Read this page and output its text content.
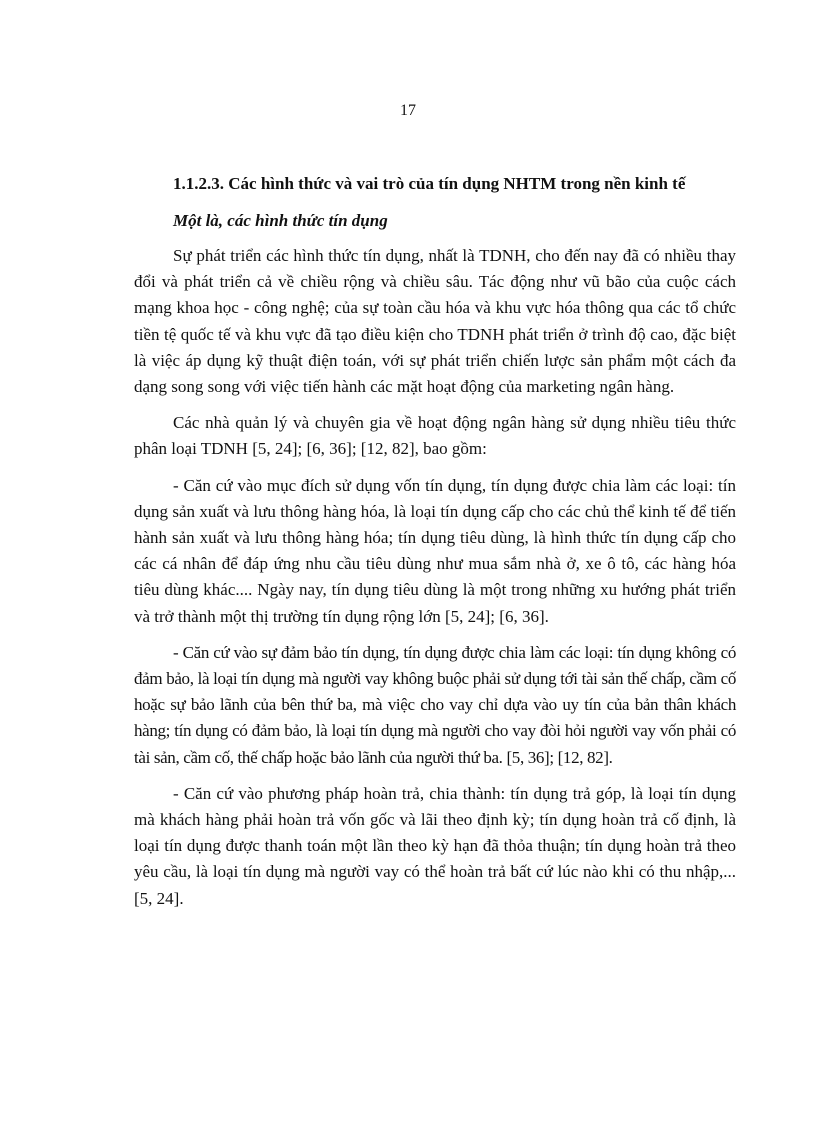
17
1.1.2.3. Các hình thức và vai trò của tín dụng NHTM trong nền kinh tế
Một là, các hình thức tín dụng

Sự phát triển các hình thức tín dụng, nhất là TDNH, cho đến nay đã có nhiều thay đổi và phát triển cả về chiều rộng và chiều sâu. Tác động như vũ bão của cuộc cách mạng khoa học - công nghệ; của sự toàn cầu hóa và khu vực hóa thông qua các tổ chức tiền tệ quốc tế và khu vực đã tạo điều kiện cho TDNH phát triển ở trình độ cao, đặc biệt là việc áp dụng kỹ thuật điện toán, với sự phát triển chiến lược sản phẩm một cách đa dạng song song với việc tiến hành các mặt hoạt động của marketing ngân hàng.

Các nhà quản lý và chuyên gia về hoạt động ngân hàng sử dụng nhiều tiêu thức phân loại TDNH [5, 24]; [6, 36]; [12, 82], bao gồm:

- Căn cứ vào mục đích sử dụng vốn tín dụng, tín dụng được chia làm các loại: tín dụng sản xuất và lưu thông hàng hóa, là loại tín dụng cấp cho các chủ thể kinh tế để tiến hành sản xuất và lưu thông hàng hóa; tín dụng tiêu dùng, là hình thức tín dụng cấp cho các cá nhân để đáp ứng nhu cầu tiêu dùng như mua sắm nhà ở, xe ô tô, các hàng hóa tiêu dùng khác.... Ngày nay, tín dụng tiêu dùng là một trong những xu hướng phát triển và trở thành một thị trường tín dụng rộng lớn [5, 24]; [6, 36].

- Căn cứ vào sự đảm bảo tín dụng, tín dụng được chia làm các loại: tín dụng không có đảm bảo, là loại tín dụng mà người vay không buộc phải sử dụng tới tài sản thế chấp, cầm cố hoặc sự bảo lãnh của bên thứ ba, mà việc cho vay chỉ dựa vào uy tín của bản thân khách hàng; tín dụng có đảm bảo, là loại tín dụng mà người cho vay đòi hỏi người vay vốn phải có tài sản, cầm cố, thế chấp hoặc bảo lãnh của người thứ ba. [5, 36]; [12, 82].

- Căn cứ vào phương pháp hoàn trả, chia thành: tín dụng trả góp, là loại tín dụng mà khách hàng phải hoàn trả vốn gốc và lãi theo định kỳ; tín dụng hoàn trả cố định, là loại tín dụng được thanh toán một lần theo kỳ hạn đã thỏa thuận; tín dụng hoàn trả theo yêu cầu, là loại tín dụng mà người vay có thể hoàn trả bất cứ lúc nào khi có thu nhập,... [5, 24].
